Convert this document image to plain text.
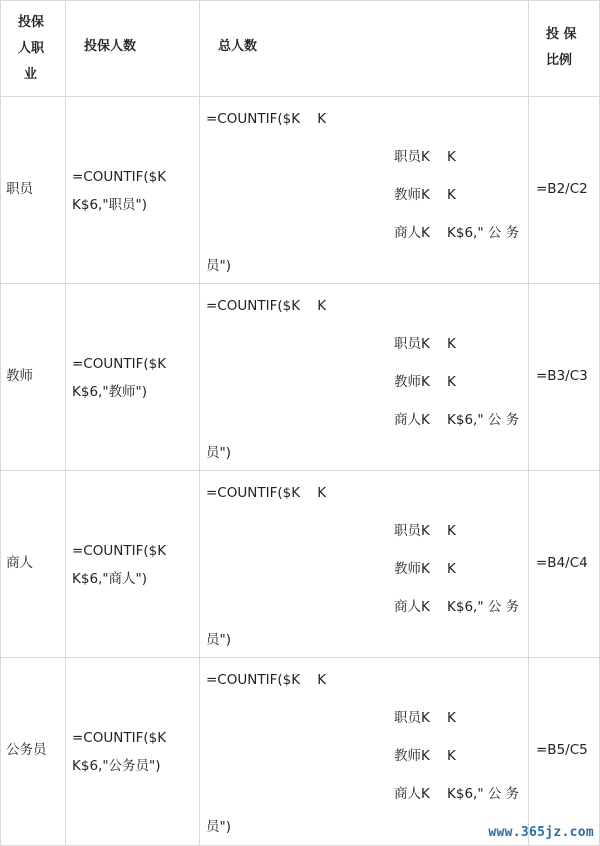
投保
人职
业
投保人数	总人数
投 保
比例
职员
=COUNTIF($K
K$6,"职员")
=COUNTIF($K    K
职员K    K
教师K    K
商人K    K$6," 公 务
员")
=B2/C2
教师
=COUNTIF($K
K$6,"教师")
=COUNTIF($K    K
职员K    K
教师K    K
商人K    K$6," 公 务
员")
=B3/C3
商人
=COUNTIF($K
K$6,"商人")
=COUNTIF($K    K
职员K    K
教师K    K
商人K    K$6," 公 务
员")
=B4/C4
公务员
=COUNTIF($K
K$6,"公务员")
=COUNTIF($K    K
职员K    K
教师K    K
商人K    K$6," 公 务
员")
=B5/C5
www.365jz.com
